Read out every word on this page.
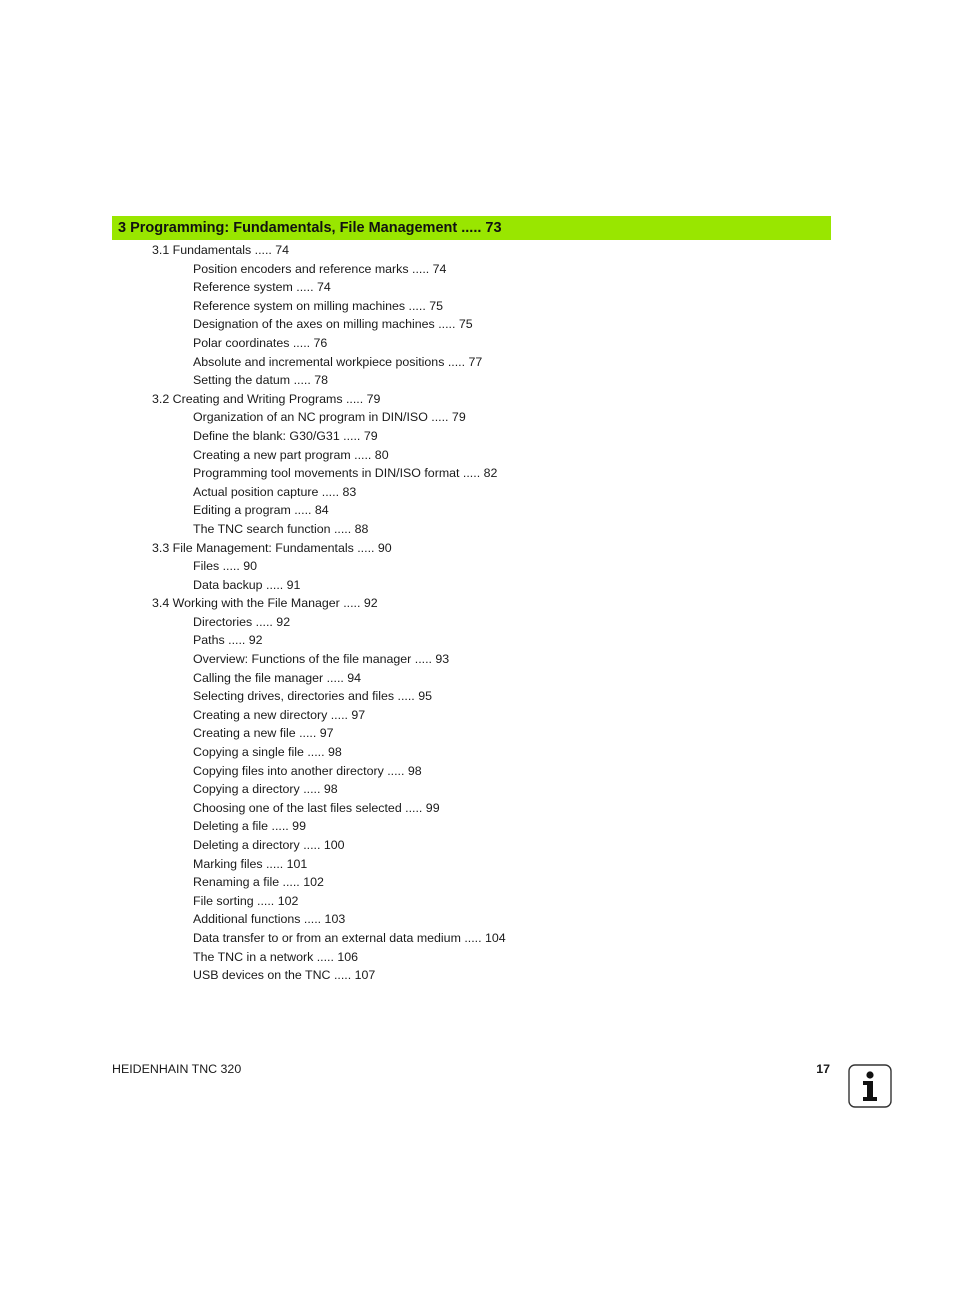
3 Programming: Fundamentals, File Management ..... 73
3.1 Fundamentals ..... 74
Position encoders and reference marks ..... 74
Reference system ..... 74
Reference system on milling machines ..... 75
Designation of the axes on milling machines ..... 75
Polar coordinates ..... 76
Absolute and incremental workpiece positions ..... 77
Setting the datum ..... 78
3.2 Creating and Writing Programs ..... 79
Organization of an NC program in DIN/ISO ..... 79
Define the blank: G30/G31 ..... 79
Creating a new part program ..... 80
Programming tool movements in DIN/ISO format ..... 82
Actual position capture ..... 83
Editing a program ..... 84
The TNC search function ..... 88
3.3 File Management: Fundamentals ..... 90
Files ..... 90
Data backup ..... 91
3.4 Working with the File Manager ..... 92
Directories ..... 92
Paths ..... 92
Overview: Functions of the file manager ..... 93
Calling the file manager ..... 94
Selecting drives, directories and files ..... 95
Creating a new directory ..... 97
Creating a new file ..... 97
Copying a single file ..... 98
Copying files into another directory ..... 98
Copying a directory ..... 98
Choosing one of the last files selected ..... 99
Deleting a file ..... 99
Deleting a directory ..... 100
Marking files ..... 101
Renaming a file ..... 102
File sorting ..... 102
Additional functions ..... 103
Data transfer to or from an external data medium ..... 104
The TNC in a network ..... 106
USB devices on the TNC ..... 107
HEIDENHAIN TNC 320	17
